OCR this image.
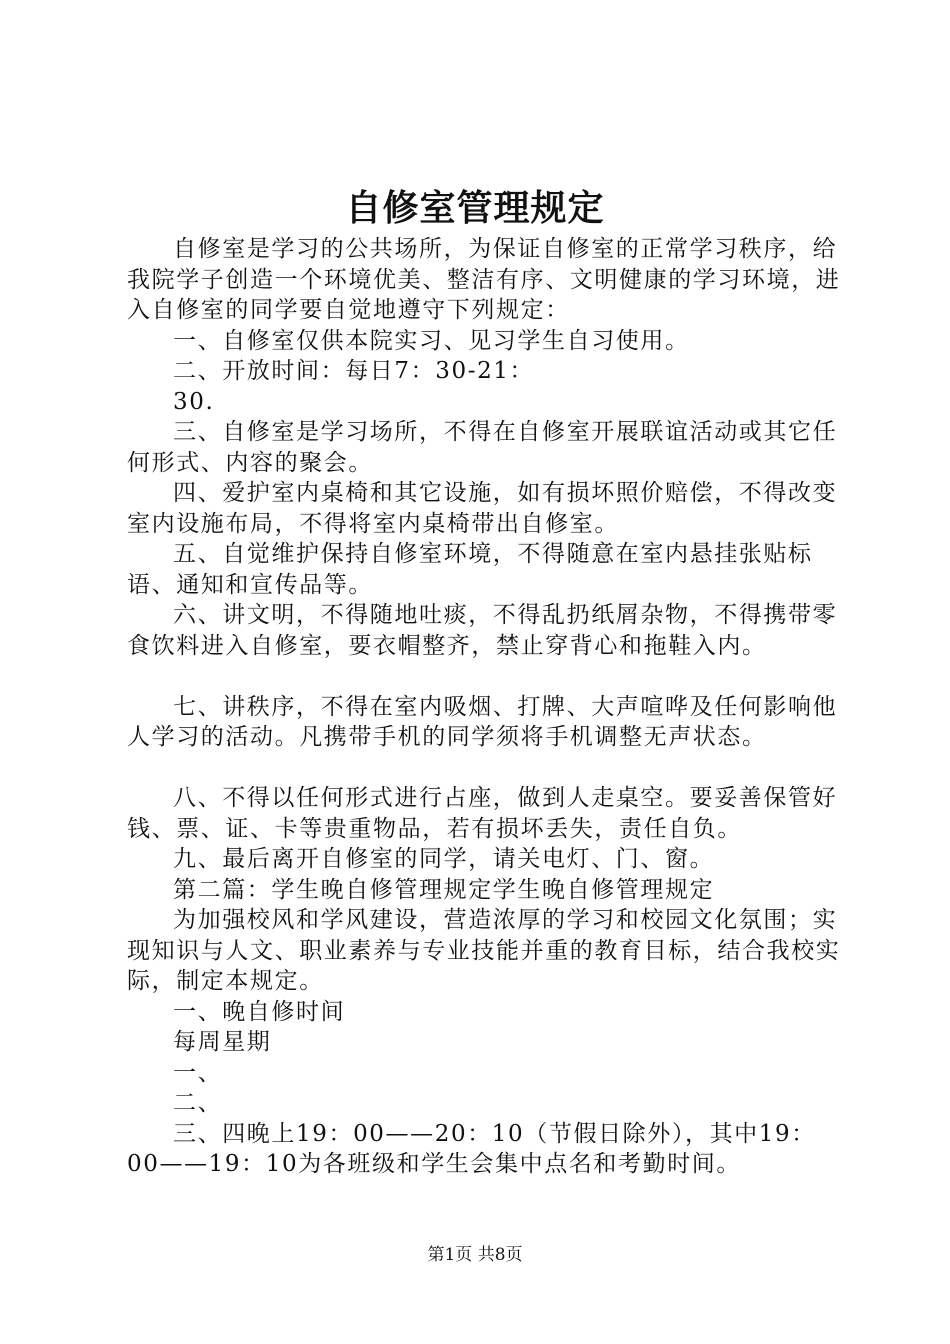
自修室管理规定

自修室是学习的公共场所，为保证自修室的正常学习秩序，给我院学子创造一个环境优美、整洁有序、文明健康的学习环境，进入自修室的同学要自觉地遵守下列规定：

一、自修室仅供本院实习、见习学生自习使用。

二、开放时间：每日7：30-21：

30.

三、自修室是学习场所，不得在自修室开展联谊活动或其它任何形式、内容的聚会。

四、爱护室内桌椅和其它设施，如有损坏照价赔偿，不得改变室内设施布局，不得将室内桌椅带出自修室。

五、自觉维护保持自修室环境，不得随意在室内悬挂张贴标语、通知和宣传品等。

六、讲文明，不得随地吐痰，不得乱扔纸屑杂物，不得携带零食饮料进入自修室，要衣帽整齐，禁止穿背心和拖鞋入内。

七、讲秩序，不得在室内吸烟、打牌、大声喧哗及任何影响他人学习的活动。凡携带手机的同学须将手机调整无声状态。

八、不得以任何形式进行占座，做到人走桌空。要妥善保管好钱、票、证、卡等贵重物品，若有损坏丢失，责任自负。

九、最后离开自修室的同学，请关电灯、门、窗。

第二篇：学生晚自修管理规定学生晚自修管理规定

为加强校风和学风建设，营造浓厚的学习和校园文化氛围；实现知识与人文、职业素养与专业技能并重的教育目标，结合我校实际，制定本规定。

一、晚自修时间

每周星期

一、

二、

三、四晚上19：00——20：10（节假日除外），其中19：00——19：10为各班级和学生会集中点名和考勤时间。

第1页 共8页
